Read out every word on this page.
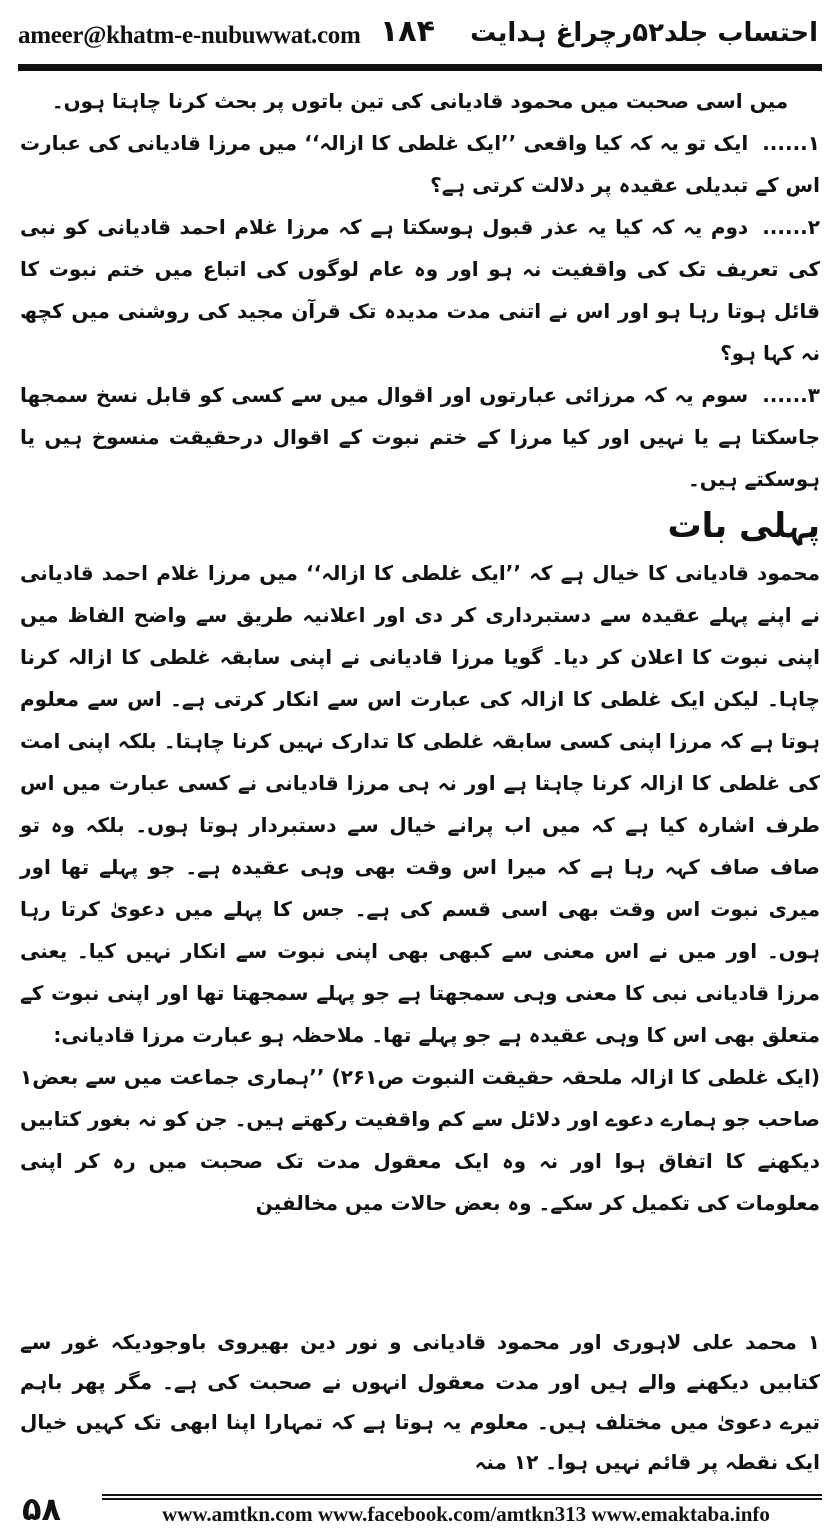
ameer@khatm-e-nubuwwat.com ۱۸۴ احتساب جلد۵۲رچراغ ہدایت

میں اسی صحبت میں محمود قادیانی کی تین باتوں پر بحث کرنا چاہتا ہوں۔

۱......ایک تو یہ کہ کیا واقعی ’’ایک غلطی کا ازالہ‘‘ میں مرزا قادیانی کی عبارت اس کے تبدیلی عقیدہ پر دلالت کرتی ہے؟

۲......دوم یہ کہ کیا یہ عذر قبول ہوسکتا ہے کہ مرزا غلام احمد قادیانی کو نبی کی تعریف تک کی واقفیت نہ ہو اور وہ عام لوگوں کی اتباع میں ختم نبوت کا قائل ہوتا رہا ہو اور اس نے اتنی مدت مدیدہ تک قرآن مجید کی روشنی میں کچھ نہ کہا ہو؟

۳......سوم یہ کہ مرزائی عبارتوں اور اقوال میں سے کسی کو قابل نسخ سمجھا جاسکتا ہے یا نہیں اور کیا مرزا کے ختم نبوت کے اقوال درحقیقت منسوخ ہیں یا ہوسکتے ہیں۔

پہلی بات

محمود قادیانی کا خیال ہے کہ ’’ایک غلطی کا ازالہ‘‘ میں مرزا غلام احمد قادیانی نے اپنے پہلے عقیدہ سے دستبرداری کر دی اور اعلانیہ طریق سے واضح الفاظ میں اپنی نبوت کا اعلان کر دیا۔ گویا مرزا قادیانی نے اپنی سابقہ غلطی کا ازالہ کرنا چاہا۔ لیکن ایک غلطی کا ازالہ کی عبارت اس سے انکار کرتی ہے۔ اس سے معلوم ہوتا ہے کہ مرزا اپنی کسی سابقہ غلطی کا تدارک نہیں کرنا چاہتا۔ بلکہ اپنی امت کی غلطی کا ازالہ کرنا چاہتا ہے اور نہ ہی مرزا قادیانی نے کسی عبارت میں اس طرف اشارہ کیا ہے کہ میں اب پرانے خیال سے دستبردار ہوتا ہوں۔ بلکہ وہ تو صاف صاف کہہ رہا ہے کہ میرا اس وقت بھی وہی عقیدہ ہے۔ جو پہلے تھا اور میری نبوت اس وقت بھی اسی قسم کی ہے۔ جس کا پہلے میں دعویٰ کرتا رہا ہوں۔ اور میں نے اس معنی سے کبھی بھی اپنی نبوت سے انکار نہیں کیا۔ یعنی مرزا قادیانی نبی کا معنی وہی سمجھتا ہے جو پہلے سمجھتا تھا اور اپنی نبوت کے متعلق بھی اس کا وہی عقیدہ ہے جو پہلے تھا۔ ملاحظہ ہو عبارت مرزا قادیانی:

(ایک غلطی کا ازالہ ملحقہ حقیقت النبوت ص۲۶۱) ’’ہماری جماعت میں سے بعض۱ صاحب جو ہمارے دعوے اور دلائل سے کم واقفیت رکھتے ہیں۔ جن کو نہ بغور کتابیں دیکھنے کا اتفاق ہوا اور نہ وہ ایک معقول مدت تک صحبت میں رہ کر اپنی معلومات کی تکمیل کر سکے۔ وہ بعض حالات میں مخالفین

۱ محمد علی لاہوری اور محمود قادیانی و نور دین بھیروی باوجودیکہ غور سے کتابیں دیکھنے والے ہیں اور مدت معقول انہوں نے صحبت کی ہے۔ مگر پھر باہم تیرے دعویٰ میں مختلف ہیں۔ معلوم یہ ہوتا ہے کہ تمہارا اپنا ابھی تک کہیں خیال ایک نقطہ پر قائم نہیں ہوا۔ ۱۲ منہ

۵۸	www.amtkn.com www.facebook.com/amtkn313 www.emaktaba.info
